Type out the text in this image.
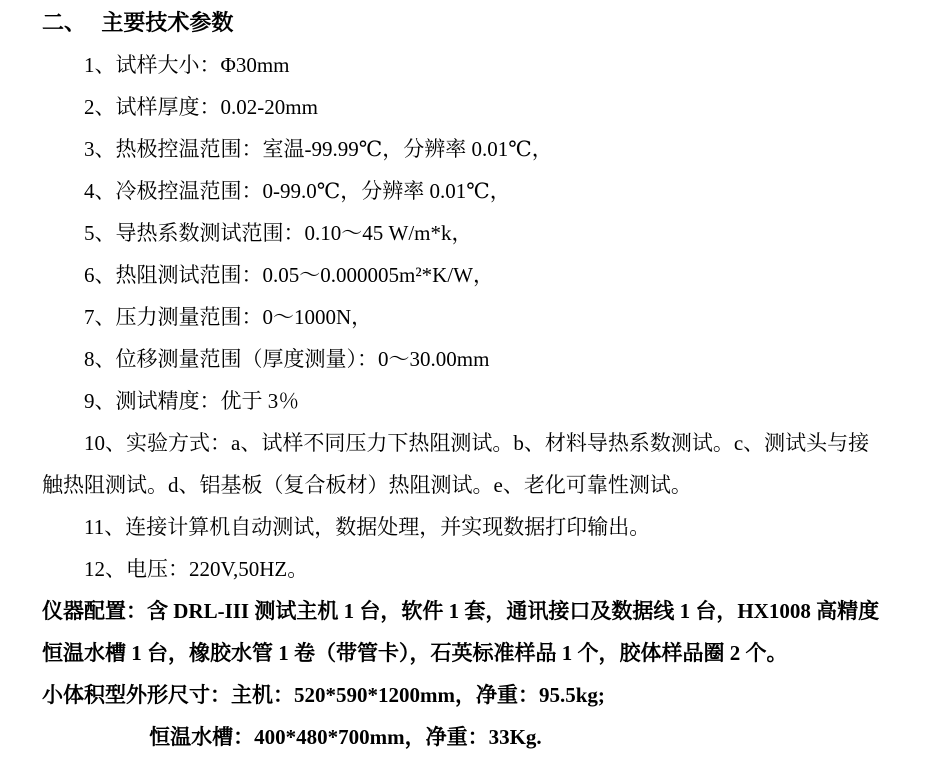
二、 主要技术参数

1、试样大小：Φ30mm

2、试样厚度：0.02-20mm

3、热极控温范围：室温-99.99℃，分辨率 0.01℃，

4、冷极控温范围：0-99.0℃，分辨率 0.01℃，

5、导热系数测试范围：0.10～45 W/m*k，

6、热阻测试范围：0.05～0.000005m²*K/W，

7、压力测量范围：0～1000N，

8、位移测量范围（厚度测量）：0～30.00mm

9、测试精度：优于 3％

10、实验方式：a、试样不同压力下热阻测试。b、材料导热系数测试。c、测试头与接

触热阻测试。d、铝基板（复合板材）热阻测试。e、老化可靠性测试。

11、连接计算机自动测试，数据处理，并实现数据打印输出。

12、电压：220V,50HZ。

仪器配置：含 DRL-III 测试主机 1 台，软件 1 套，通讯接口及数据线 1 台，HX1008 高精度

恒温水槽 1 台，橡胶水管 1 卷（带管卡），石英标准样品 1 个，胶体样品圈 2 个。

小体积型外形尺寸：主机：520*590*1200mm，净重：95.5kg;

恒温水槽：400*480*700mm，净重：33Kg.
